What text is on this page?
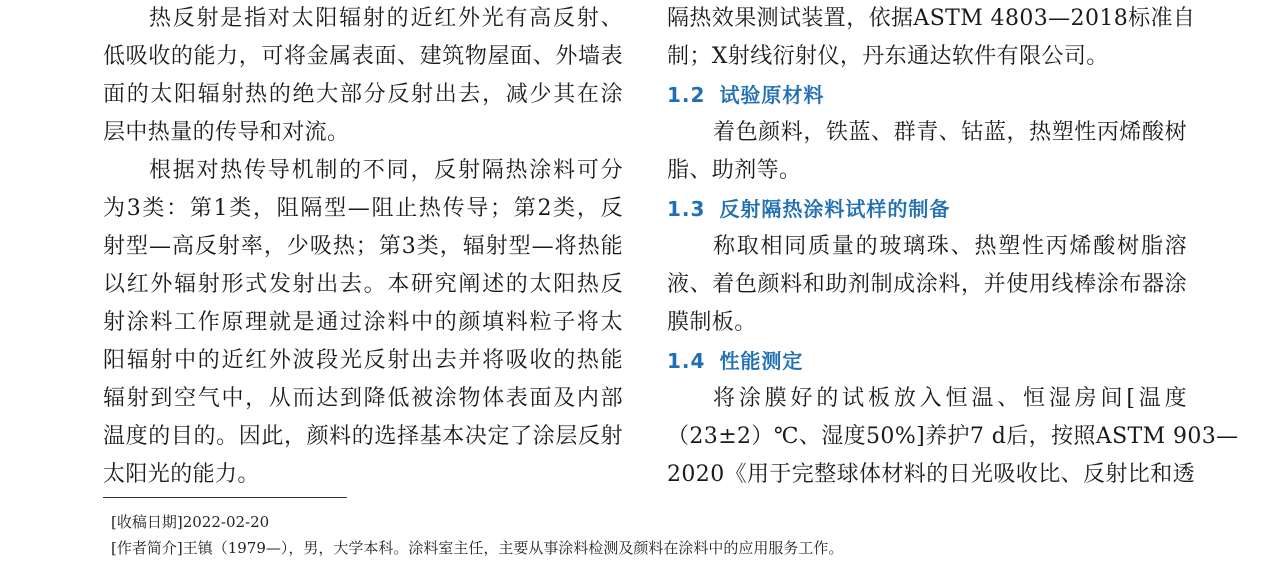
热反射是指对太阳辐射的近红外光有高反射、
低吸收的能力，可将金属表面、建筑物屋面、外墙表
面的太阳辐射热的绝大部分反射出去，减少其在涂
层中热量的传导和对流。
根据对热传导机制的不同，反射隔热涂料可分
为3类：第1类，阻隔型—阻止热传导；第2类，反
射型—高反射率，少吸热；第3类，辐射型—将热能
以红外辐射形式发射出去。本研究阐述的太阳热反
射涂料工作原理就是通过涂料中的颜填料粒子将太
阳辐射中的近红外波段光反射出去并将吸收的热能
辐射到空气中，从而达到降低被涂物体表面及内部
温度的目的。因此，颜料的选择基本决定了涂层反射
太阳光的能力。
隔热效果测试装置，依据ASTM 4803—2018标准自
制；X射线衍射仪，丹东通达软件有限公司。
1.2 试验原材料
着色颜料，铁蓝、群青、钴蓝，热塑性丙烯酸树
脂、助剂等。
1.3 反射隔热涂料试样的制备
称取相同质量的玻璃珠、热塑性丙烯酸树脂溶
液、着色颜料和助剂制成涂料，并使用线棒涂布器涂
膜制板。
1.4 性能测定
将涂膜好的试板放入恒温、恒湿房间[温度
（23±2）℃、湿度50%]养护7 d后，按照ASTM 903—
2020《用于完整球体材料的日光吸收比、反射比和透
[收稿日期]2022-02-20
[作者简介]王镇（1979—），男，大学本科。涂料室主任，主要从事涂料检测及颜料在涂料中的应用服务工作。
